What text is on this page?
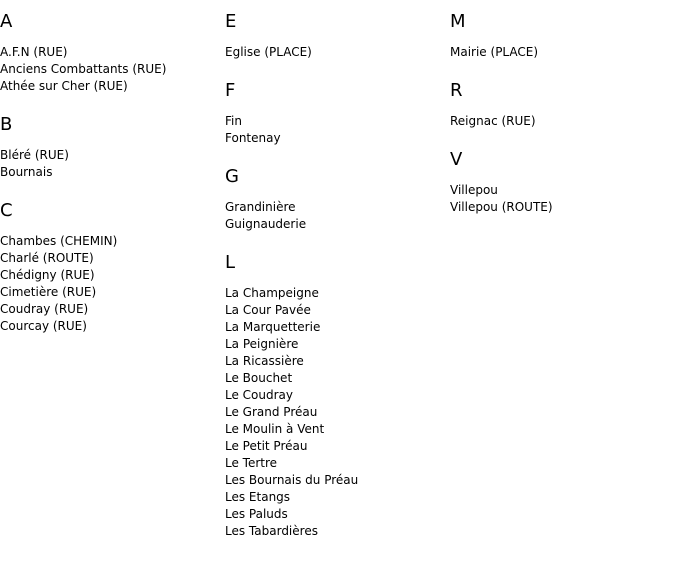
A
A.F.N (RUE)
Anciens Combattants (RUE)
Athée sur Cher (RUE)
B
Bléré (RUE)
Bournais
C
Chambes (CHEMIN)
Charlé (ROUTE)
Chédigny (RUE)
Cimetière (RUE)
Coudray (RUE)
Courcay (RUE)
E
Eglise (PLACE)
F
Fin
Fontenay
G
Grandinière
Guignauderie
L
La Champeigne
La Cour Pavée
La Marquetterie
La Peignière
La Ricassière
Le Bouchet
Le Coudray
Le Grand Préau
Le Moulin à Vent
Le Petit Préau
Le Tertre
Les Bournais du Préau
Les Etangs
Les Paluds
Les Tabardières
M
Mairie (PLACE)
R
Reignac (RUE)
V
Villepou
Villepou (ROUTE)
